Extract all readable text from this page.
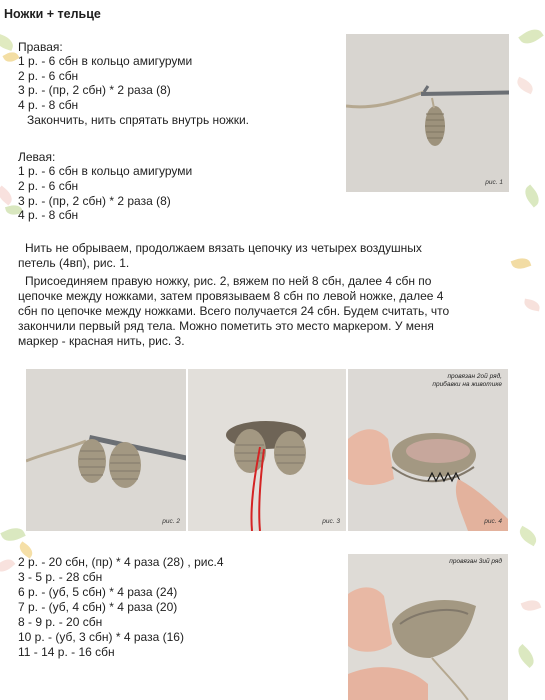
Ножки + тельце
Правая:
1 р. - 6 сбн в кольцо амигуруми
2 р. - 6 сбн
3 р. - (пр, 2 сбн) * 2 раза (8)
4 р. - 8 сбн
Закончить, нить спрятать внутрь ножки.
Левая:
1 р. - 6 сбн в кольцо амигуруми
2 р. - 6 сбн
3 р. - (пр, 2 сбн) * 2 раза (8)
4 р. - 8 сбн
рис. 1
Нить не обрываем, продолжаем вязать цепочку из четырех воздушных
петель (4вп), рис. 1.
Присоединяем правую ножку, рис. 2, вяжем по ней 8 сбн, далее 4 сбн по
цепочке между ножками, затем провязываем 8 сбн по левой ножке, далее 4
сбн по цепочке между ножками. Всего получается 24 сбн. Будем считать, что
закончили первый ряд тела. Можно пометить это место маркером. У меня
маркер - красная нить, рис. 3.
рис. 2	рис. 3
провязан 2ой ряд,
прибавки на животике
рис. 4
2 р. - 20 сбн, (пр) * 4 раза (28) , рис.4
3 - 5 р. - 28 сбн
6 р. - (уб, 5 сбн) * 4 раза (24)
7 р. - (уб, 4 сбн) * 4 раза (20)
8 - 9 р. - 20 сбн
10 р. - (уб, 3 сбн) * 4 раза (16)
11 - 14 р. - 16 сбн
провязан 3ий ряд
